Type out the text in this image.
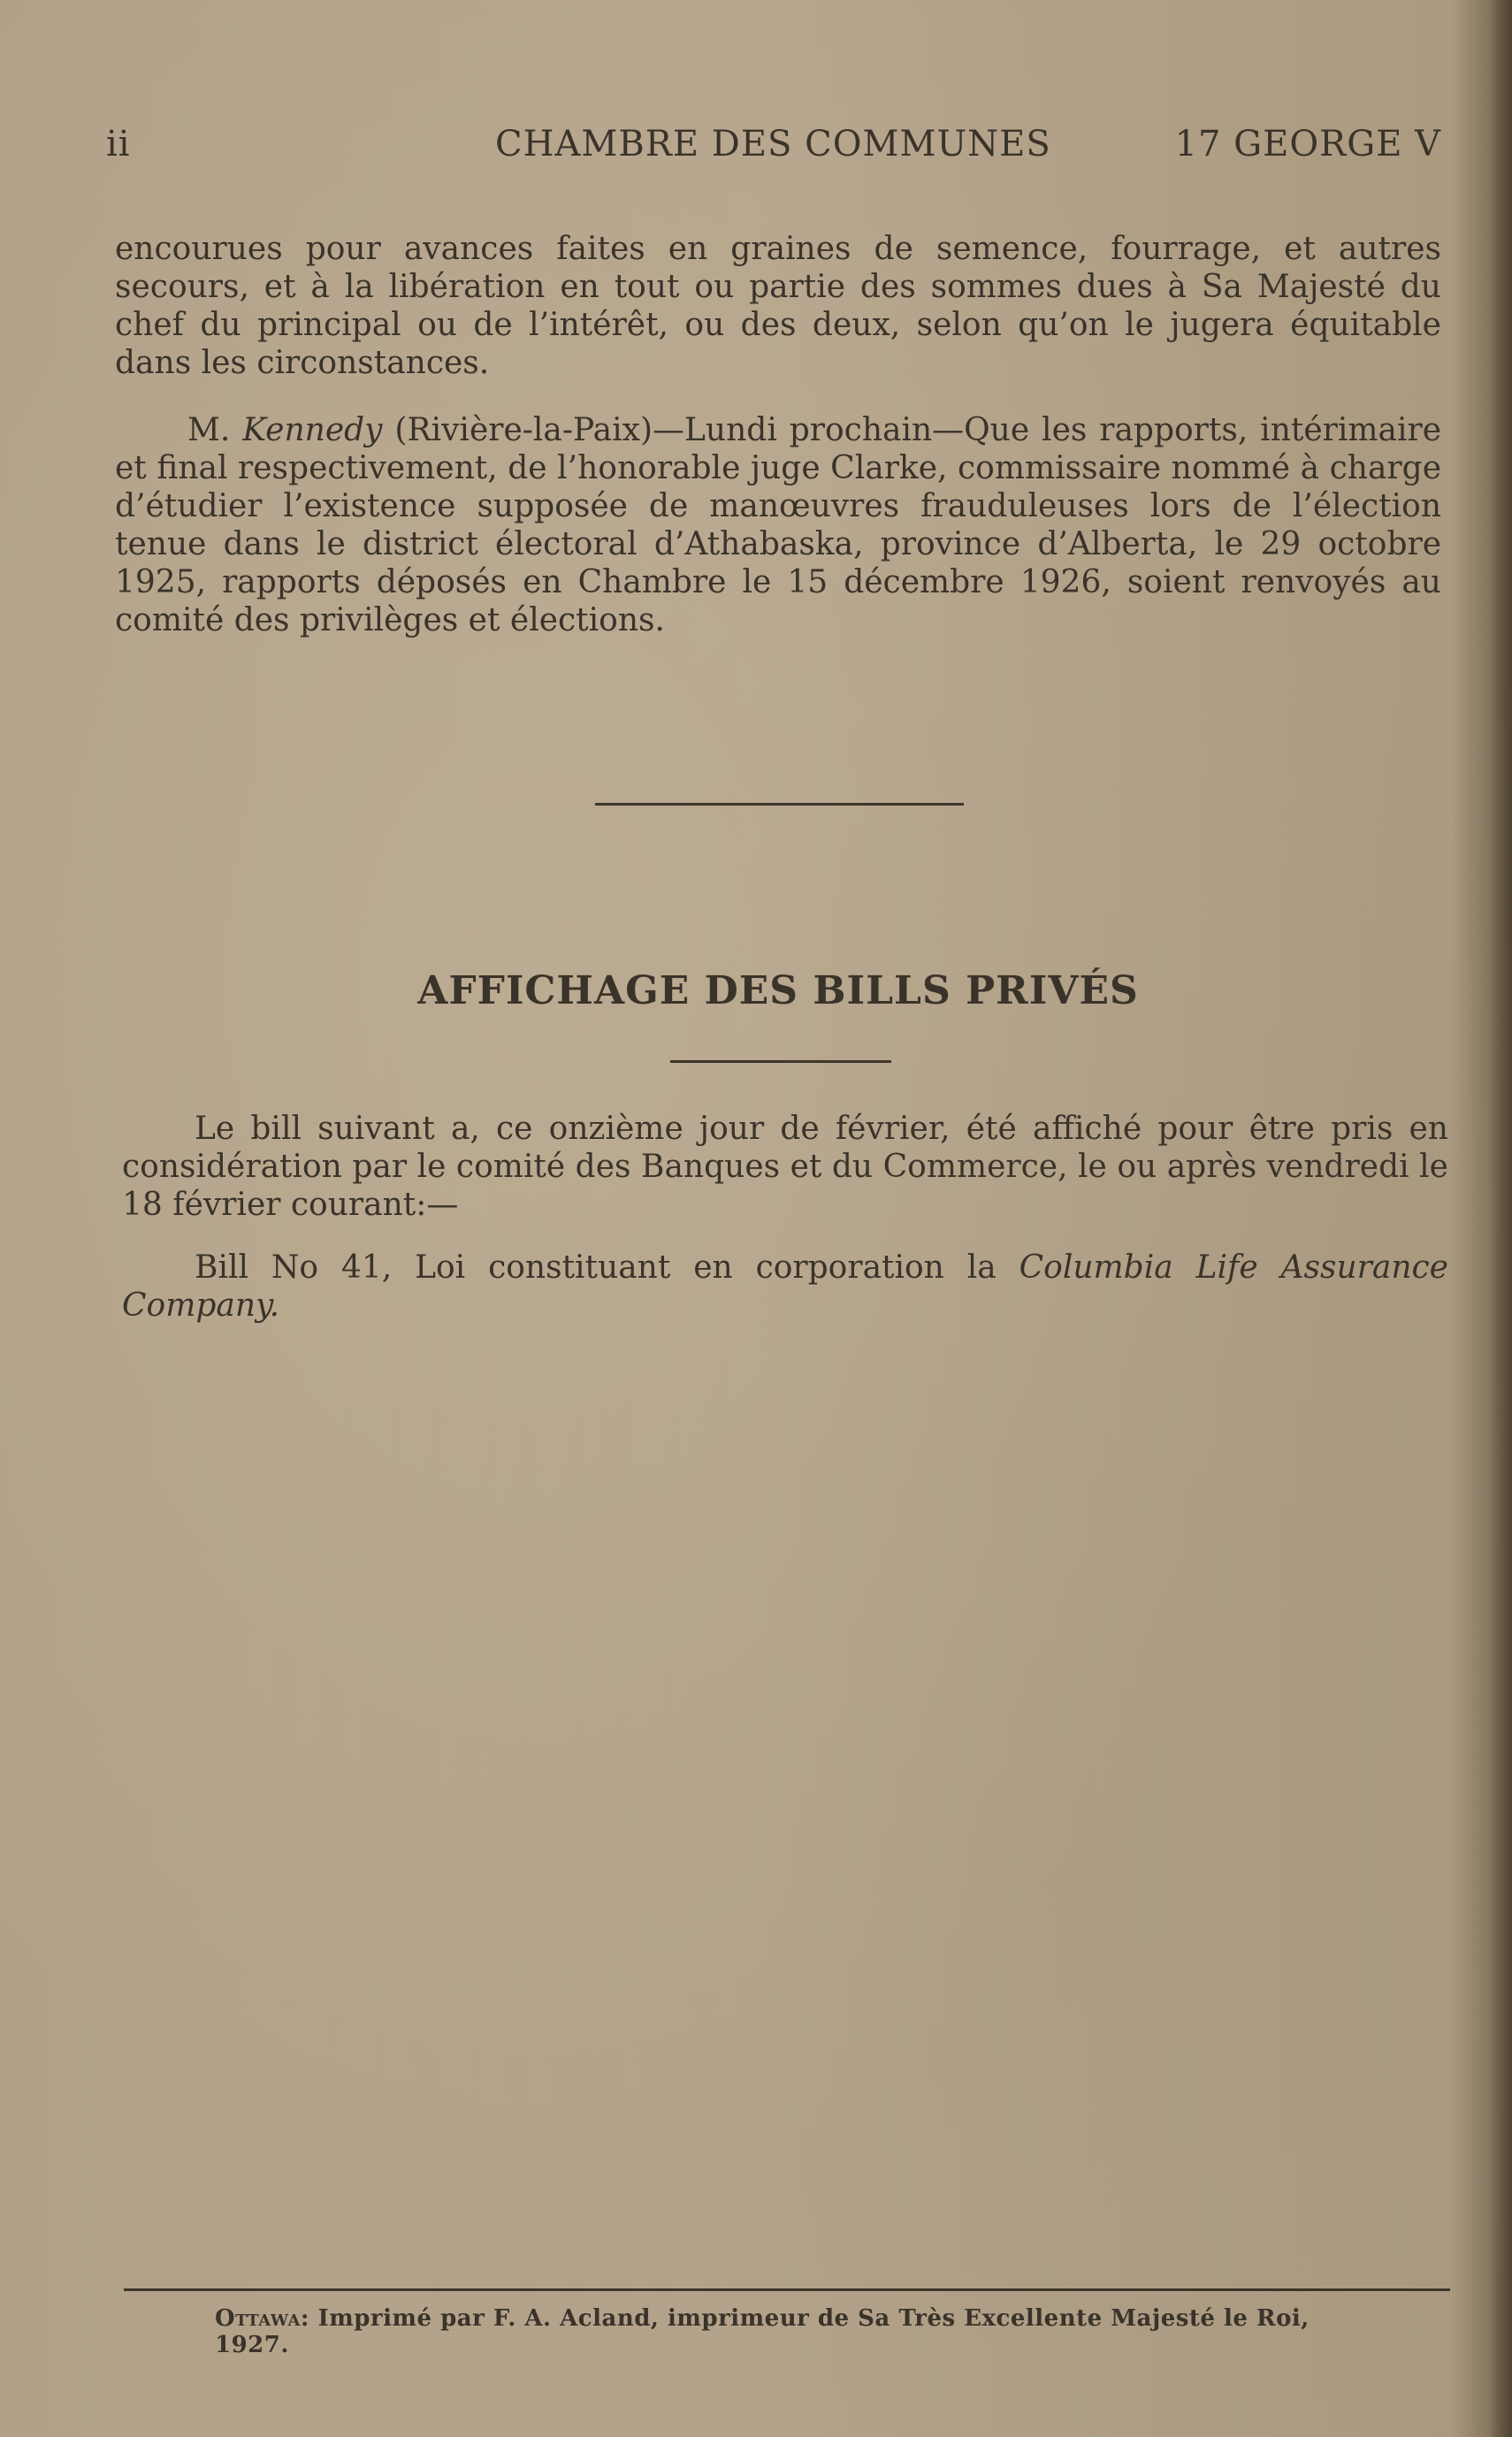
ii	CHAMBRE DES COMMUNES	17 GEORGE V

encourues pour avances faites en graines de semence, fourrage, et autres secours, et à la libération en tout ou partie des sommes dues à Sa Majesté du chef du principal ou de l’intérêt, ou des deux, selon qu’on le jugera équitable dans les circonstances.

M. Kennedy (Rivière-la-Paix)—Lundi prochain—Que les rapports, intérimaire et final respectivement, de l’honorable juge Clarke, commissaire nommé à charge d’étudier l’existence supposée de manœuvres frauduleuses lors de l’élection tenue dans le district électoral d’Athabaska, province d’Alberta, le 29 octobre 1925, rapports déposés en Chambre le 15 décembre 1926, soient renvoyés au comité des privilèges et élections.

AFFICHAGE DES BILLS PRIVÉS

Le bill suivant a, ce onzième jour de février, été affiché pour être pris en considération par le comité des Banques et du Commerce, le ou après vendredi le 18 février courant:—

Bill No 41, Loi constituant en corporation la Columbia Life Assurance Company.

Ottawa: Imprimé par F. A. Acland, imprimeur de Sa Très Excellente Majesté le Roi, 1927.
